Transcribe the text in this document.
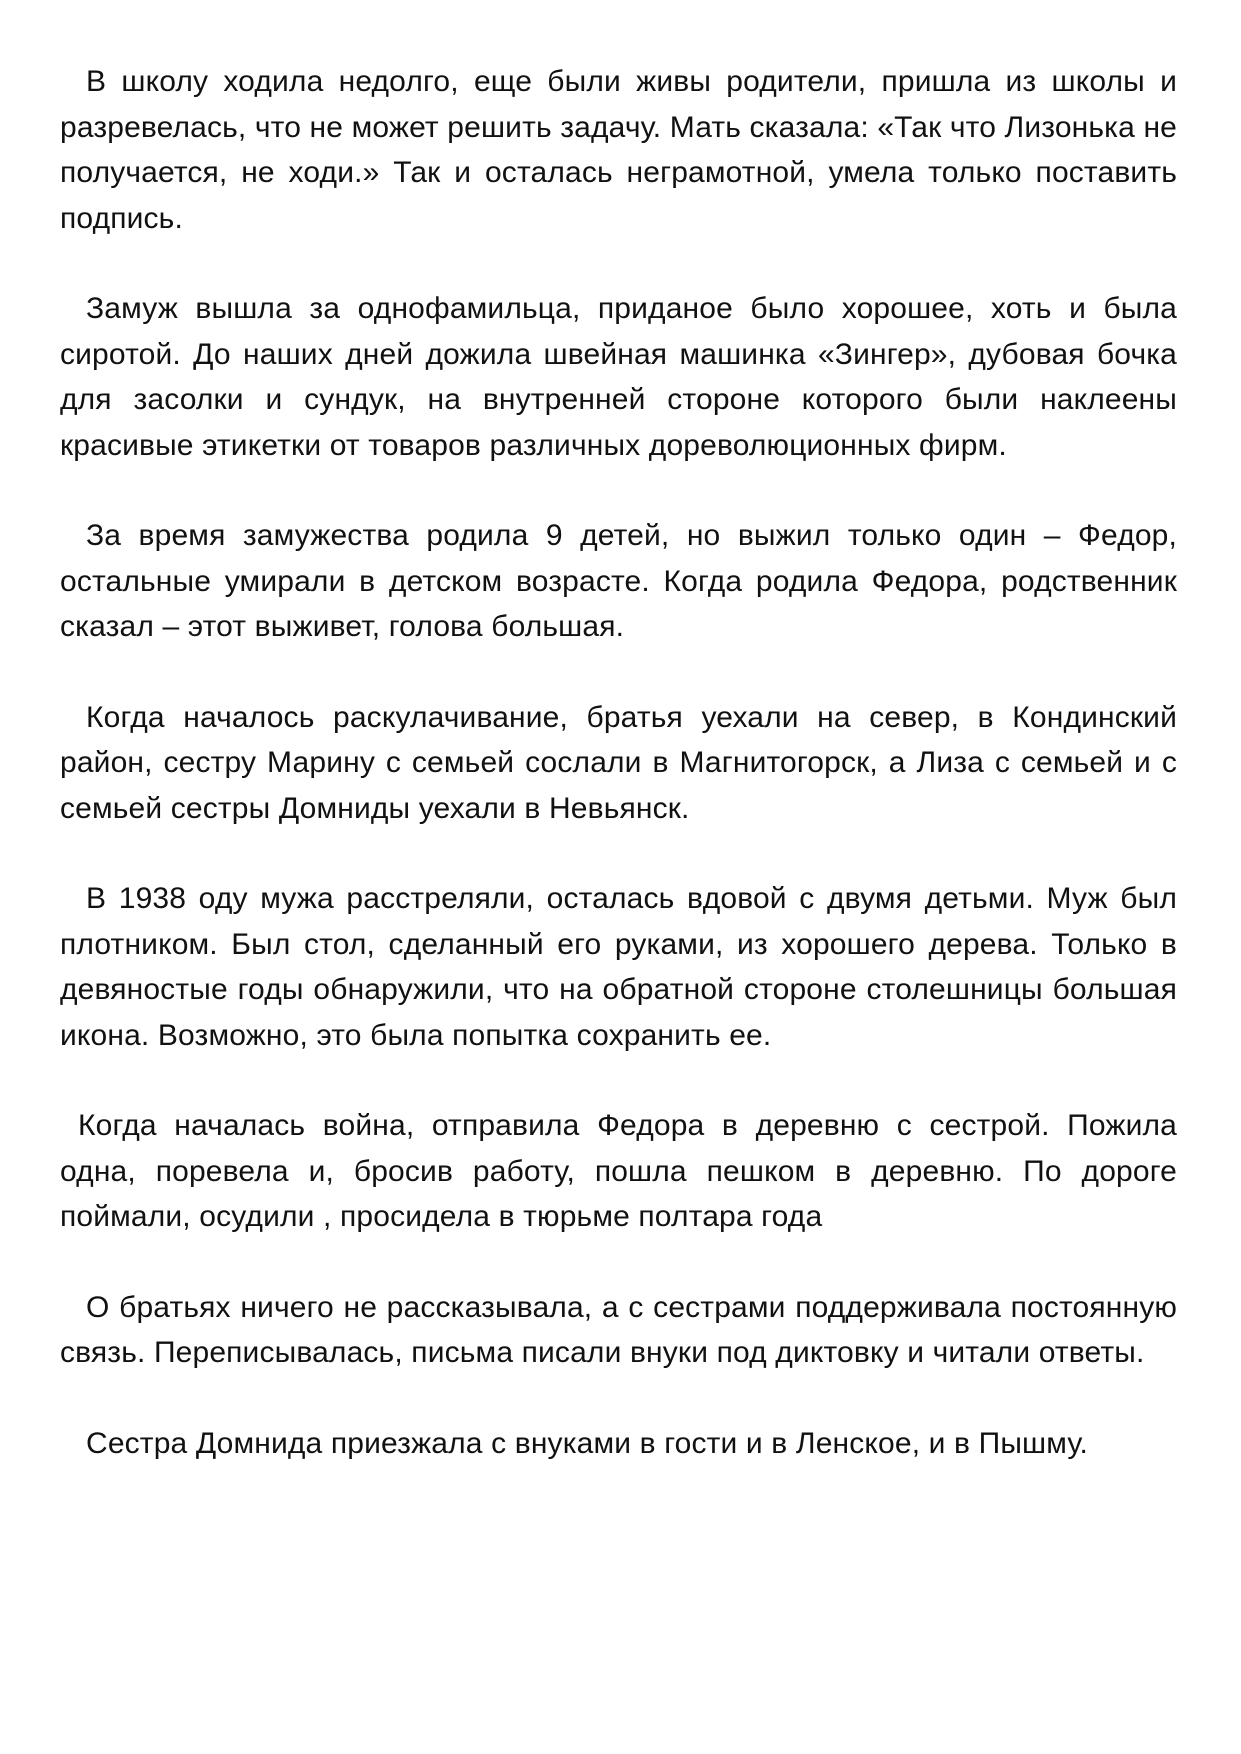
В школу ходила недолго, еще были живы родители, пришла из школы и разревелась, что не может решить задачу. Мать сказала: «Так что Лизонька не получается, не ходи.» Так и осталась неграмотной, умела только поставить подпись.

Замуж вышла за однофамильца, приданое было хорошее, хоть и была сиротой. До наших дней дожила швейная машинка «Зингер», дубовая бочка для засолки и сундук, на внутренней стороне которого были наклеены красивые этикетки от товаров различных дореволюционных фирм.

За время замужества родила 9 детей, но выжил только один – Федор, остальные умирали в детском возрасте. Когда родила Федора, родственник сказал – этот выживет, голова большая.

Когда началось раскулачивание, братья уехали на север, в Кондинский район, сестру Марину с семьей сослали в Магнитогорск, а Лиза с семьей и с семьей сестры Домниды уехали в Невьянск.

В 1938 оду мужа расстреляли, осталась вдовой с двумя детьми. Муж был плотником. Был стол, сделанный его руками, из хорошего дерева. Только в девяностые годы обнаружили, что на обратной стороне столешницы большая икона. Возможно, это была попытка сохранить ее.

Когда началась война, отправила Федора в деревню с сестрой. Пожила одна, поревела и, бросив работу, пошла пешком в деревню. По дороге поймали, осудили , просидела в тюрьме полтара года

О братьях ничего не рассказывала, а с сестрами поддерживала постоянную связь. Переписывалась, письма писали внуки под диктовку и читали ответы.

Сестра Домнида приезжала с внуками в гости и в Ленское, и в Пышму.
